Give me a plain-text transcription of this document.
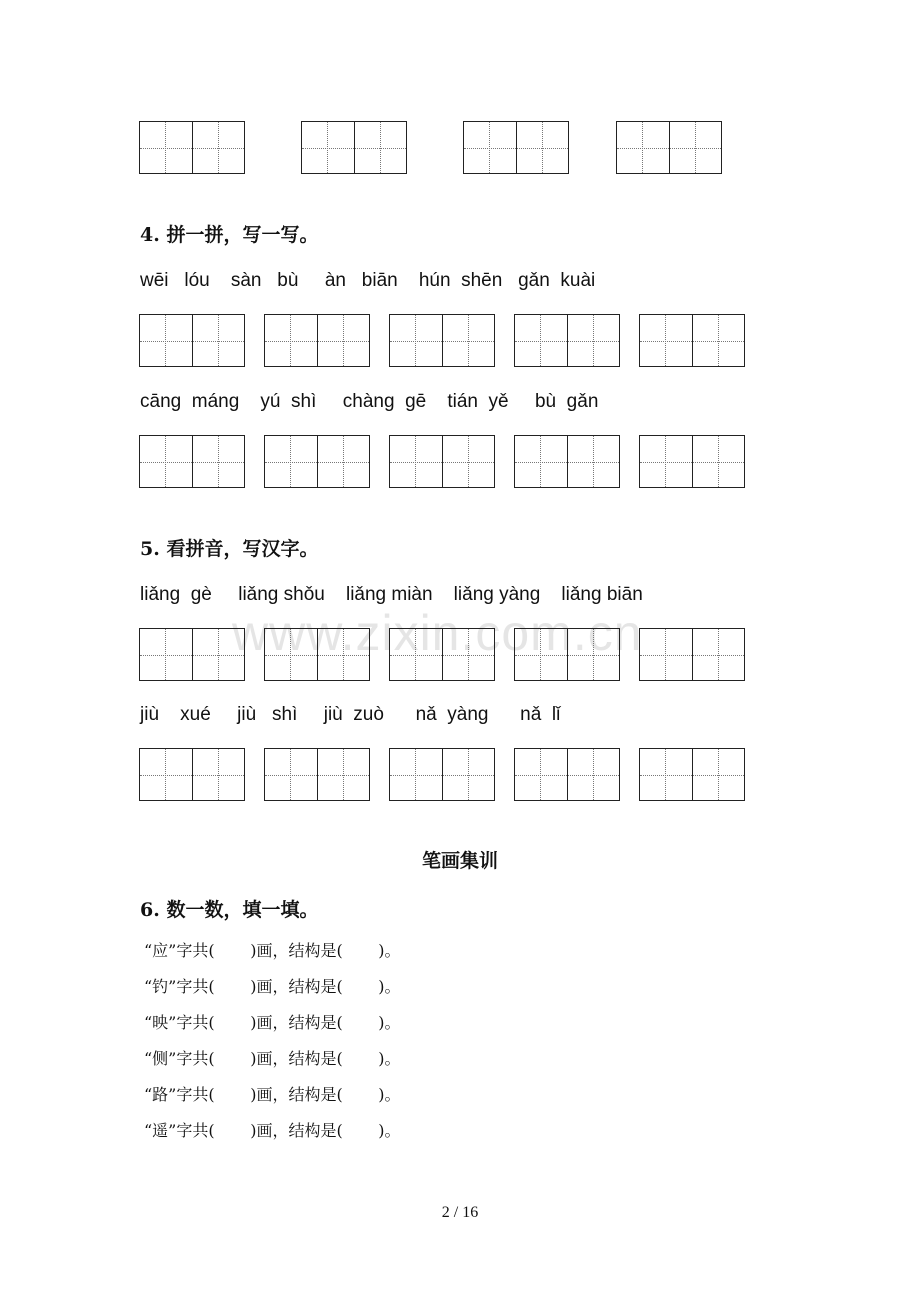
4. 拼一拼，写一写。
wēi   lóu    sàn   bù     àn   biān    hún  shēn   gǎn  kuài
cāng  máng    yú  shì     chàng  gē    tián  yě     bù  gǎn
5. 看拼音，写汉字。
liǎng  gè     liǎng shǒu    liǎng miàn    liǎng yàng    liǎng biān
jiù    xué     jiù   shì     jiù  zuò      nǎ  yàng      nǎ  lǐ
笔画集训
6. 数一数，填一填。
“应”字共(       )画，结构是(       )。
“钓”字共(       )画，结构是(       )。
“映”字共(       )画，结构是(       )。
“侧”字共(       )画，结构是(       )。
“路”字共(       )画，结构是(       )。
“遥”字共(       )画，结构是(       )。
2 / 16
